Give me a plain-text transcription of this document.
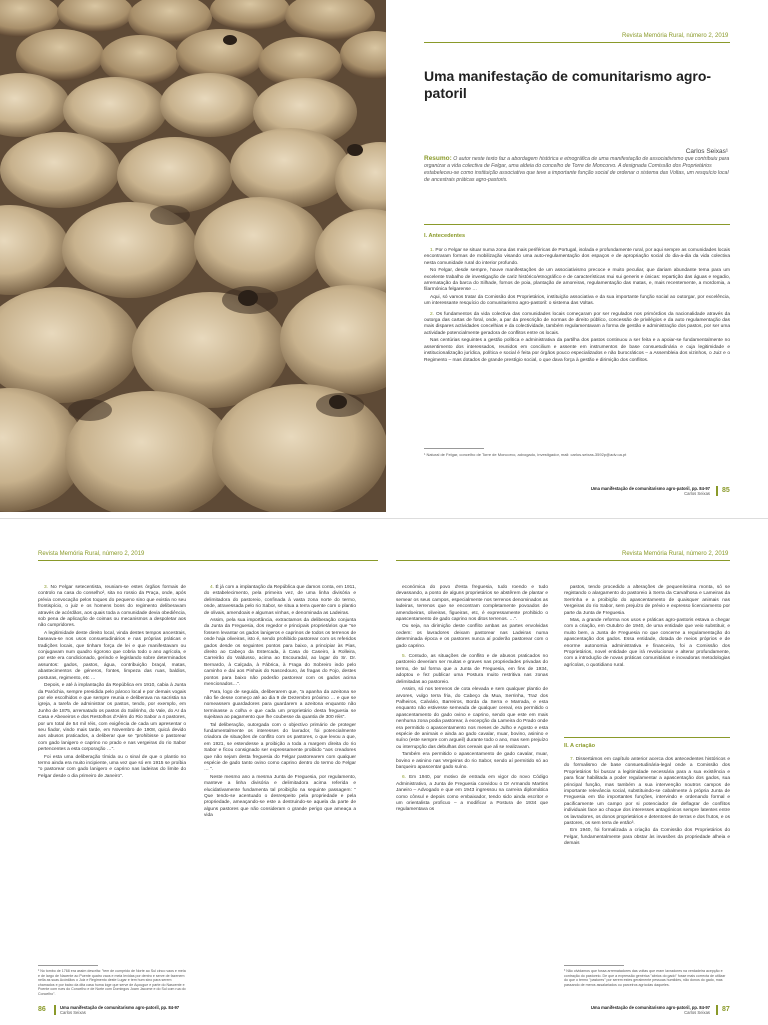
Revista Memória Rural, número 2, 2019
Uma manifestação de comunitarismo agro-patoril
Carlos Seixas¹

Resumo: O autor neste texto faz a abordagem histórica e etnográfica de uma manifestação de associativismo que contribuiu para organizar a vida colectiva de Felgar, uma aldeia do concelho de Torre de Moncorvo. A designada Comissão dos Proprietários estabeleceu-se como instituição associativa que teve a importante função social de ordenar o sistema das Voltas, um resquício local de ancestrais práticas agro-pastoris.

I. Antecedentes

1. Por o Felgar se situar numa zona das mais periféricas de Portugal, isolada e profundamente rural, por aqui sempre as comunidades locais encontraram formas de mobilização visando uma auto-regulamentação dos espaços e de apropriação social do dia-a-dia da vida colectiva nesta comunidade rural do interior profundo.

No Felgar, desde sempre, houve manifestações de um associativismo precoce e muito peculiar, que dariam abundante tema para um excelente trabalho de investigação de cariz histórico/etnográfico e de características mui sui generis e únicas: repartição das águas e regadio, arrematação da barca do Silhade, fornos de poia, plantação de amoreiras, regulamentação das matas, e, mais recentemente, a mordomia, a filarmónica felgarense …

Aqui, só vamos tratar da Comissão dos Proprietários, instituição associativa e da sua importante função social ao outorgar, por excelência, um interessante resquício do comunitarismo agro-pastoril: o sistema das Voltas.

2. Os fundamentos da vida colectiva das comunidades locais começaram por ser regulados nos primórdios da nacionalidade através da outorga das cartas de foral, onde, a par da prescrição de normas de direito público, concessão de privilégios e da auto regulamentação das mais dispares actividades concelhias e da colectividade, também regulamentavam a forma de gestão e administração dos pastos, por ser uma actividade potencialmente geradora de conflitos entre os locais.

Nas centúrias seguintes a gestão política e administrativa da partilha dos pastos continuou a ser feita e a apoiar-se fundamentalmente no assentimento dos interessados, reunidos em concilium e assente em instrumentos de base consuetudinária e cuja legitimidade e institucionalização jurídica, política e social é feita por órgãos pouco especializados e não burocráticos – a Assembleia dos vizinhos, o Juiz e o Regimento – mas dotados de grande prestígio social, o que dava força à gestão e dirimição dos conflitos.

¹ Natural de Felgar, concelho de Torre de Moncorvo, advogado, investigador, mail: carlos.seixas-3592p@adv.oa.pt

Uma manifestação de comunitarismo agro-patoril, pp. 84-97
Carlos Seixas 85
Revista Memória Rural, número 2, 2019	Revista Memória Rural, número 2, 2019

3. No Felgar setecentista, reuniam-se estes órgãos formais de controlo na casa do conselho², sita no rossio da Praça, onde, após prévia convocação pelos toques do pequeno sino que existia no seu frontispício, o juiz e os homens bons do regimento deliberavam através de acórdãos, aos quais toda a comunidade devia obediência, sob pena de aplicação de coimas ou mecanismos a despoletar aos não cumpridores.

A legitimidade deste direito local, vinda destes tempos ancestrais, baseava-se nos usos consuetudinários e nas próprias práticas e tradições locais, que tinham força de lei e que manifestavam ou conjugavam num quadro rigoroso que cobria todo o ano agrícola, e por este era condicionado, gerindo e legislando sobre determinados assuntos: gados, pastos, água, contribuição braçal, matas, abastecimentos de géneros, fontes, limpeza das ruas, baldios, posturas, regimento, etc …

Depois, e até à implantação da República em 1910, cabia à Junta da Paróchia, sempre presidida pelo pároco local e por demais vogais por ele escolhidos e que sempre reunia e deliberava na sacristia na igreja, a tarefa de administrar os pastos, tendo, por exemplo, em Junho de 1875, arrematado os pastos do Salirinho, do Vale, do Ar da Casa e Abexeiros e dos Restolhos d'Além do Rio Sabor a 4 pastores, por um total de 54 mil réis, com exigência de cada um apresentar o seu fiador, vindo mais tarde, em Novembro de 1908, quicá devido aos abusos praticados, a deliberar que se "prohibisse o pastorear com gado lanigero e caprino no prado e nas vergeiras do rio Sabor pertencentes a esta corporação …".

Foi esta uma deliberação tímida ou o sinal de que o plantio no termo ainda era muito incipiente, uma vez que só em 1915 se proíbia "o pastorear com gado lanigero e caprino nas ladeiras do limite do Felgar desde o dia primeiro de Janeiro".

² No tombo de 1768 era assim descrita: "tem de cumprido de Norte ao Sul cinco vaos e meia e de largo de Nacente ao Puente quatro vaos e meia levidas por dentro e serve de fazenem nella as suas Acórdãos o Juiz e Regimento deste Lugar e tem hum sino para serem chamados e por baixo da dita casa huma loge que serve de Açougue e parte do Nascente e Poente com rues do Concelho e de Norte com Domingos Joam Jacome e do Sul com rua do Concelho".

4. É já com a implantação da República que damos conta, em 1911, do estabelecimento, pela primeira vez, de uma linha divisória e delimitadora do pastoreio, confinada à vasta zona norte do termo, onde, atravessada pelo rio Sabor, se situa a terra quente com o plantio de olivais, amendoais e algumas vinhas, e denominada as Ladeiras.

Assim, pela sua importância, extractamos da deliberação conjunta da Junta da Freguesia, dos regedor e principais proprietários que "se fossem levantar os gados lanigeros e caprinos de todos os terrenos de onde haja oliveiras, isto é, sendo prohibido pastorear com os referidos gados desde os seguintes pontos para baixo, a principiar às Pias, direito ao Cabeço da Estercada, à Casa do Caseiro, à Rolleira, Carreirão do Valdusso, acima ao Escouradal, ao lagar do Sr. Dr. Bernardo, à Calçada, à Fábrica, à Fraga do Sobreiro indo pelo caminho e dai aos Pinhais do Nascedouro, às fragas do Fojo, destes pontos para baixo não poderão pastorear com os gados acima mencionados…".

Para, logo de seguida, deliberarem que, "a apanha da azeitona se não fie desse começo até ao dia 9 de Dezembro próximo … e que se nomeassem guardadores para guardarem a azeitona enquanto não terminasse a colha e que cada um proprietário desta freguesia se sujeitava ao pagamento que lhe coubesse da quantia de 300 réis".

Tal deliberação, outorgada com o objectivo primário de proteger fundamentalmente os interesses do lavrador, foi potencialmente criadora de situações de conflito com os pastores, o que levou a que, em 1921, se estendesse a proibição a toda a margem direita do rio Sabor e ficou consignado ser expressamente proibido "aos creadores que não sejam desta freguesia do Felgar pastorearem com qualquer espécie de gado tanto ovino como caprino dentro do termo do Felgar … ".

Neste mesmo ano a mesma Junta de Freguesia, por regulamento, manteve a linha divisória e delimitadora acima referida e elucidativamente fundamenta tal proibição na seguinte passagem: " Que tendo-se acentuado o desrespeito pela propriedade e pela propriedade, ameaçando-se este a destruindo-se aquela da parte de alguns pastores que não consideram o grande perigo que ameaça a vida

económica do povo d'esta freguesia, tudo roendo e tudo devassando, a ponto de alguns proprietários se abstêrem de plantar e semear os seus campos, especialmente nos terrenos denominados as ladeiras, terrenos que se encontram completamente povoados de amendoeiras, oliveiras, figueiras, etc, é expressamente prohibido o apascentamento de gado caprino nos ditos terrenos. …".

Ou seja, na dirimição deste conflito ambas as partes envolvidas cedem: os lavradores deixam pastorear nas Ladeiras numa determinada época e os pastores nunca aí poderão pastorear com o gado caprino.

5. Contudo, as situações de conflito e de abusos praticados no pastoreio deveriam ser muitas e graves nas propriedades privadas do termo, de tal forma que a Junta de Freguesia, em fins de 1934, adoptou e fez publicar uma Postura muito restritiva nas zonas delimitadas ao pastoreio.

Assim, só nos terrenos de cota elevada e sem qualquer plantio de arvores, vulgo terra fria, do Cabeço da Mua, Serrinha, Traz dos Palheiros, Calvário, Barreiros, Borda da Serra e Marrada, e esta enquanto não estivesse semeada de qualquer cereal, era permitido o apascentamento do gado ovino e caprino, sendo que este em mais nenhuma zona podia pastorear, à excepção da Lameira do Prado onde era permitido o apascentamento nos meses de Julho e Agosto e esta espécie de animais e ainda ao gado cavalar, muar, bovino, asinino e suíno (este sempre com argueil) durante todo o ano, mas sem prejuízo ou interrupção das debulhas dos cereais que ali se realizavam.

Também era permitido o apascentamento de gado cavalar, muar, bovino e asinino nas Vergeiras do rio Sabor, sendo aí permitido só ao barqueiro apascentar gado suíno.

6. Em 1940, por motivo de entrada em vigor do novo Código Administrativo, a Junta de Freguesia convidou o Dr Armando Martins Janeiro – Advogado e que em 1943 ingressou na carreira diplomática como cônsul e depois como embaixador, tendo sido ainda escritor e um orientalista proficuo – a modificar a Postura de 1934 que regulamentava os

pastos, tendo procedido a alterações de pequeníssima monta, só se registando o alargamento do pastoreio à Serra da Carvalhosa e Lameiras da Serrinha e a proibição do apascentamento de quaisquer animais nas Vergeiras do rio Sabor, sem prejuízo de prévio e expresso licenciamento por parte da Junta de Freguesia.

Mas, a grande reforma nos usos e práticas agro-pastoris estava a chegar com a criação, em Outubro de 1940, de uma entidade que veio substituir, e muito bem, a Junta de Freguesia no que concerne a regulamentação do apascentação dos gados. Essa entidade, dotada de meios próprios e de enorme autonomia administrativa e financeira, foi a Comissão dos Proprietários, novel entidade que irá revolucionar e alterar profundamente, com a introdução de novas práticas comunitárias e inovadoras metodologias agrícolas, o quotidiano rural.

II. A criação

7. Dissertámos em capítulo anterior acerca dos antecedentes históricos e do formalismo de base consuetudinária-legal onde a Comissão dos Proprietários foi buscar a legitimidade necessária para a sua existência e para ficar habilitada a poder regulamentar a apascentação dos gados, sua principal função, mas também a sua intervenção noutros campos de importante relevância social, substituindo-se cabalmente à própria Junta de Freguesia em tão importantes funções, intervindo e ordenando formal e pacificamente um campo por si potenciador de deflagrar de conflitos individuais face ao choque dos interesses antagónicos sempre latentes entre os lavradores, os donos proprietários e detentores de terras e dos frutos, e os pastores, os sem terra de então³.

Em 1940, foi formalizada a criação da Comissão dos Proprietários do Felgar, fundamentalmente para obstar às invasões da propriedade alheia e demais

³ Não olvidamos que fossa arrematadores das voltas que eram lavradores na verdadeira acepção e contração do pastoreio. De que a expressão genérica "abrios do gado" fosse mais correcta de utilizar do que o termo "pastores" por serem estes geralmente pessoas humildes, não donos do gado, mas passando de meros assalariados ou parceiros agrícolas daqueles.

86	Uma manifestação de comunitarismo agro-patoril, pp. 84-97
Carlos Seixas
Uma manifestação de comunitarismo agro-patoril, pp. 84-97
Carlos Seixas 87
